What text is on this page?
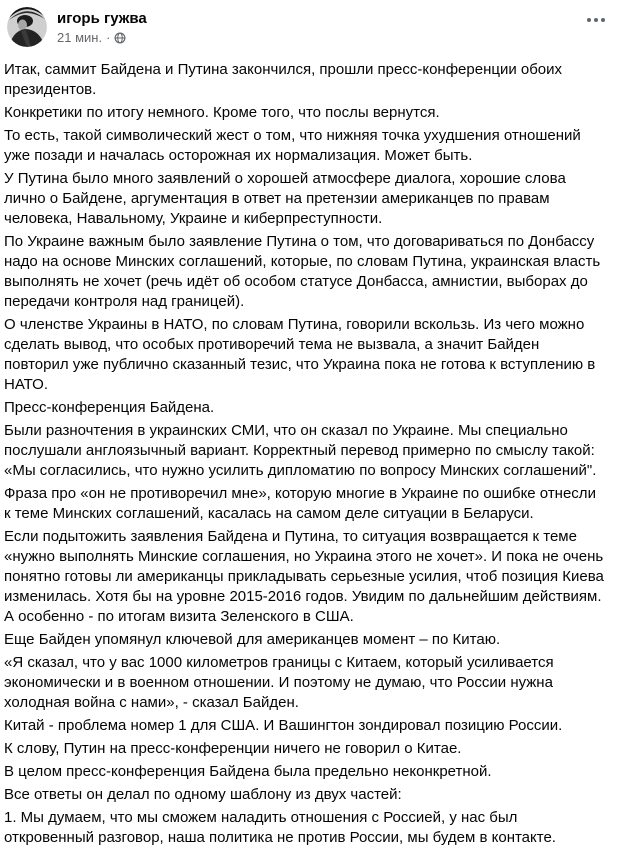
игорь гужва
21 мин. ·

Итак, саммит Байдена и Путина закончился, прошли пресс-конференции обоих президентов.

Конкретики по итогу немного. Кроме того, что послы вернутся.

То есть, такой символический жест о том, что нижняя точка ухудшения отношений уже позади и началась осторожная их нормализация. Может быть.

У Путина было много заявлений о хорошей атмосфере диалога, хорошие слова лично о Байдене, аргументация в ответ на претензии американцев по правам человека, Навальному, Украине и киберпреступности.

По Украине важным было заявление Путина о том, что договариваться по Донбассу надо на основе Минских соглашений, которые, по словам Путина, украинская власть выполнять не хочет (речь идёт об особом статусе Донбасса, амнистии, выборах до передачи контроля над границей).

О членстве Украины в НАТО, по словам Путина, говорили вскользь. Из чего можно сделать вывод, что особых противоречий тема не вызвала, а значит Байден повторил уже публично сказанный тезис, что Украина пока не готова к вступлению в НАТО.

Пресс-конференция Байдена.

Были разночтения в украинских СМИ, что он сказал по Украине. Мы специально послушали англоязычный вариант. Корректный перевод примерно по смыслу такой: «Мы согласились, что нужно усилить дипломатию по вопросу Минских соглашений".

Фраза про «он не противоречил мне», которую многие в Украине по ошибке отнесли к теме Минских соглашений, касалась на самом деле ситуации в Беларуси.

Если подытожить заявления Байдена и Путина, то ситуация возвращается к теме «нужно выполнять Минские соглашения, но Украина этого не хочет». И пока не очень понятно готовы ли американцы прикладывать серьезные усилия, чтоб позиция Киева изменилась. Хотя бы на уровне 2015-2016 годов. Увидим по дальнейшим действиям. А особенно - по итогам визита Зеленского в США.

Еще Байден упомянул ключевой для американцев момент – по Китаю.

«Я сказал, что у вас 1000 километров границы с Китаем, который усиливается экономически и в военном отношении. И поэтому не думаю, что России нужна холодная война с нами», - сказал Байден.

Китай - проблема номер 1 для США. И Вашингтон зондировал позицию России.

К слову, Путин на пресс-конференции ничего не говорил о Китае.

В целом пресс-конференция Байдена была предельно неконкретной.

Все ответы он делал по одному шаблону из двух частей:

1. Мы думаем, что мы сможем наладить отношения с Россией, у нас был откровенный разговор, наша политика не против России, мы будем в контакте.
